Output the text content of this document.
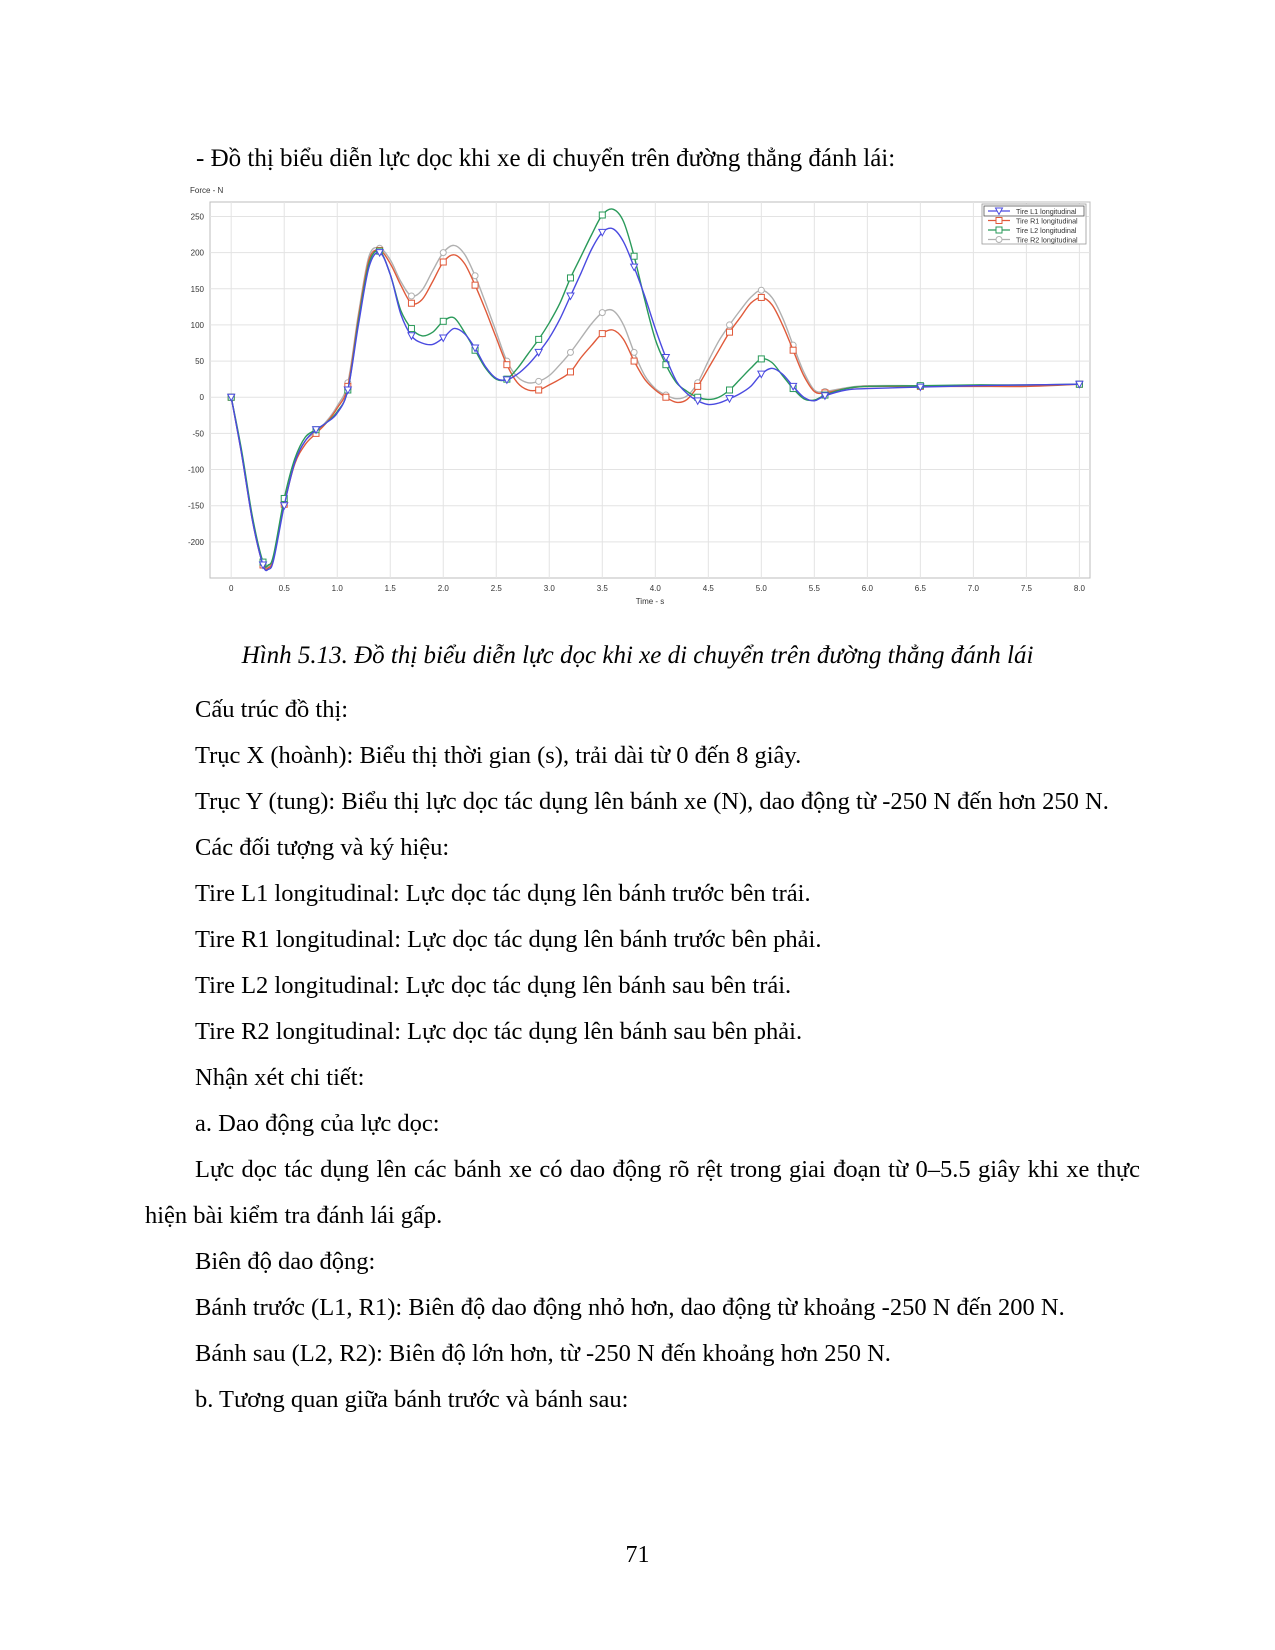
- Đồ thị biểu diễn lực dọc khi xe di chuyển trên đường thẳng đánh lái:
0	0.5	1.0	1.5	2.0	2.5	3.0	3.5	4.0	4.5	5.0	5.5	6.0	6.5	7.0	7.5	8.0
250
200
150
100
50
0
-50
-100
-150
-200
Force - N
Time - s
Tire L1 longitudinal
Tire R1 longitudinal
Tire L2 longitudinal
Tire R2 longitudinal
Hình 5.13. Đồ thị biểu diễn lực dọc khi xe di chuyển trên đường thẳng đánh lái

Cấu trúc đồ thị:

Trục X (hoành): Biểu thị thời gian (s), trải dài từ 0 đến 8 giây.

Trục Y (tung): Biểu thị lực dọc tác dụng lên bánh xe (N), dao động từ -250 N đến hơn 250 N.

Các đối tượng và ký hiệu:

Tire L1 longitudinal: Lực dọc tác dụng lên bánh trước bên trái.

Tire R1 longitudinal: Lực dọc tác dụng lên bánh trước bên phải.

Tire L2 longitudinal: Lực dọc tác dụng lên bánh sau bên trái.

Tire R2 longitudinal: Lực dọc tác dụng lên bánh sau bên phải.

Nhận xét chi tiết:

a. Dao động của lực dọc:

Lực dọc tác dụng lên các bánh xe có dao động rõ rệt trong giai đoạn từ 0–5.5 giây khi xe thực hiện bài kiểm tra đánh lái gấp.

Biên độ dao động:

Bánh trước (L1, R1): Biên độ dao động nhỏ hơn, dao động từ khoảng -250 N đến 200 N.

Bánh sau (L2, R2): Biên độ lớn hơn, từ -250 N đến khoảng hơn 250 N.

b. Tương quan giữa bánh trước và bánh sau:

71
